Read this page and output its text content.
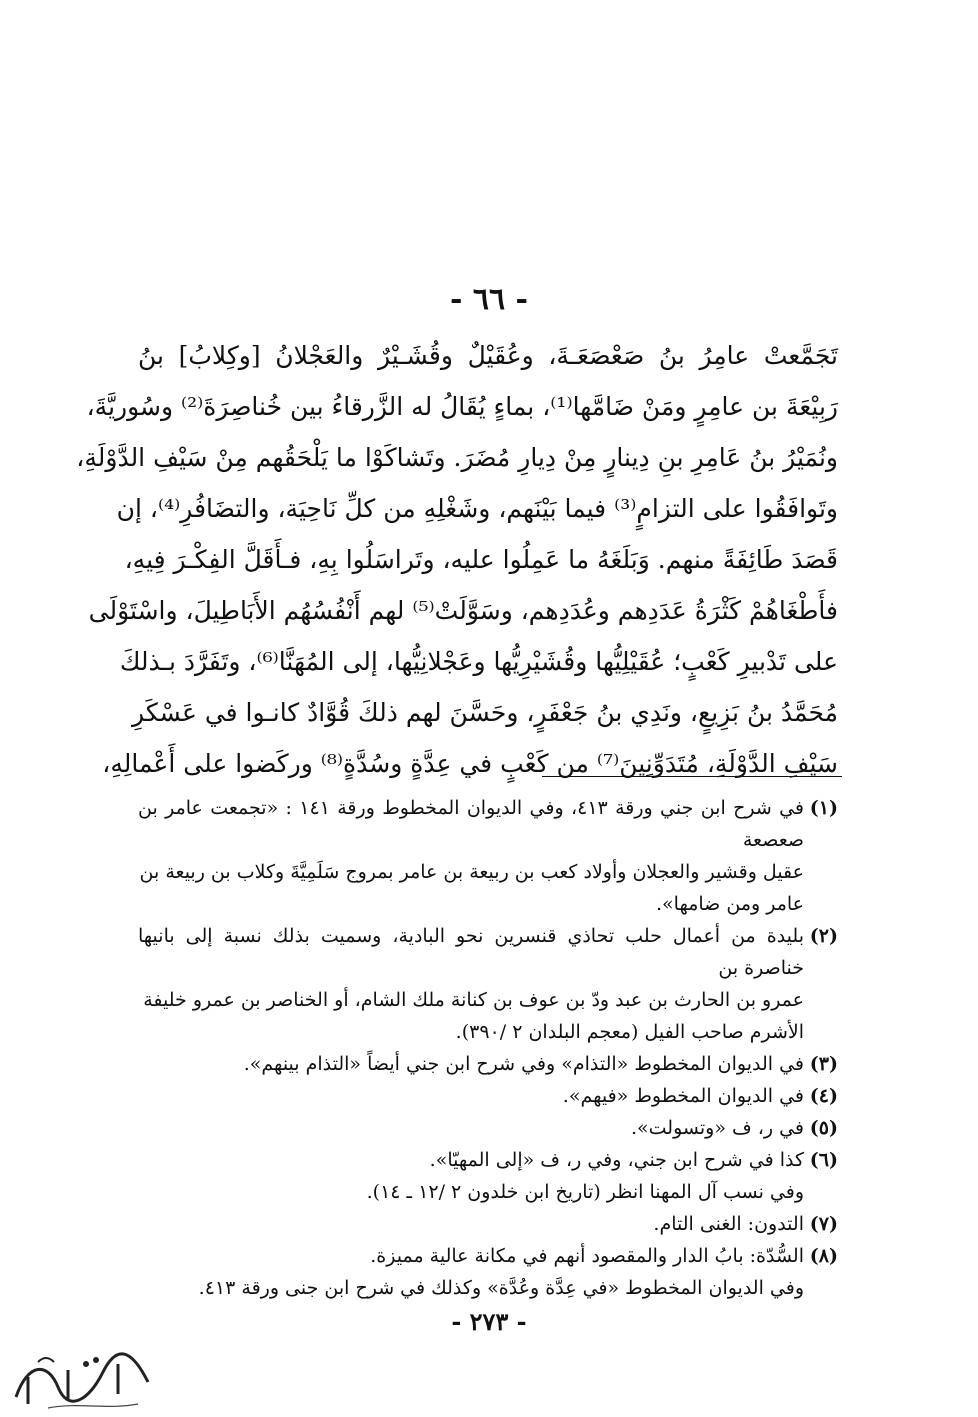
- ٦٦ -
تَجَمَّعتْ عامِرُ بنُ صَعْصَعَـةَ، وعُقَيْلٌ وقُشَـيْرٌ والعَجْلانُ [وكِلابُ] بنُ
رَبِيْعَةَ بن عامِرٍ ومَنْ ضَامَّها⁽¹⁾، بماءٍ يُقَالُ له الزَّرقاءُ بين خُناصِرَةَ⁽²⁾ وسُوريَّةَ،
ونُمَيْرُ بنُ عَامِرِ بنِ دِينارٍ مِنْ دِيارِ مُضَرَ. وتَشاكَوْا ما يَلْحَقُهم مِنْ سَيْفِ الدَّوْلَةِ،
وتَوافَقُوا على التزامٍ⁽³⁾ فيما بَيْنَهم، وشَغْلِهِ من كلِّ نَاحِيَة، والتضَافُرِ⁽⁴⁾، إن
قَصَدَ طَائِفَةً منهم. وَبَلَغَهُ ما عَمِلُوا عليه، وتَراسَلُوا بِهِ، فـأَقَلَّ الفِكْـرَ فِيهِ،
فأَطْغَاهُمْ كَثْرَةُ عَدَدِهم وعُدَدِهم، وسَوَّلَتْ⁽⁵⁾ لهم أَنْفُسُهُم الأَبَاطِيلَ، واسْتَوْلَى
على تَدْبيرِ كَعْبٍ؛ عُقَيْلِيُّها وقُشَيْرِيُّها وعَجْلانِيُّها، إلى المُهَنَّا⁽⁶⁾، وتَفَرَّدَ بـذلكَ
مُحَمَّدُ بنُ بَزِيعٍ، ونَدِي بنُ جَعْفَرٍ، وحَسَّنَ لهم ذلكَ قُوَّادٌ كانـوا في عَسْكَرِ
سَيْفِ الدَّوْلَةِ، مُتَدَوِّنِينَ⁽⁷⁾ من كَعْبٍ في عِدَّةٍ وسُدَّةٍ⁽⁸⁾ وركَضوا على أَعْمالِهِ،
(١)
في شرح ابن جني ورقة ٤١٣، وفي الديوان المخطوط ورقة ١٤١ : «تجمعت عامر بن صعصعة
عقيل وقشير والعجلان وأولاد كعب بن ربيعة بن عامر بمروج سَلَمِيَّةَ وكلاب بن ربيعة بن
عامر ومن ضامها».
(٢)
بليدة من أعمال حلب تحاذي قنسرين نحو البادية، وسميت بذلك نسبة إلى بانيها خناصرة بن
عمرو بن الحارث بن عبد ودّ بن عوف بن كنانة ملك الشام، أو الخناصر بن عمرو خليفة
الأشرم صاحب الفيل (معجم البلدان ٢ /٣٩٠).
(٣)
في الديوان المخطوط «التذام» وفي شرح ابن جني أيضاً «التذام بينهم».
(٤)
في الديوان المخطوط «فيهم».
(٥)
في ر، ف «وتسولت».
(٦)
كذا في شرح ابن جني، وفي ر، ف «إلى المهيّا».
وفي نسب آل المهنا انظر (تاريخ ابن خلدون ٢ /١٢ ـ ١٤).
(٧)
التدون: الغنى التام.
(٨)
السُّدّة: بابُ الدار والمقصود أنهم في مكانة عالية مميزة.
وفي الديوان المخطوط «في عِدَّة وعُدَّة» وكذلك في شرح ابن جنى ورقة ٤١٣.
- ٢٧٣ -
